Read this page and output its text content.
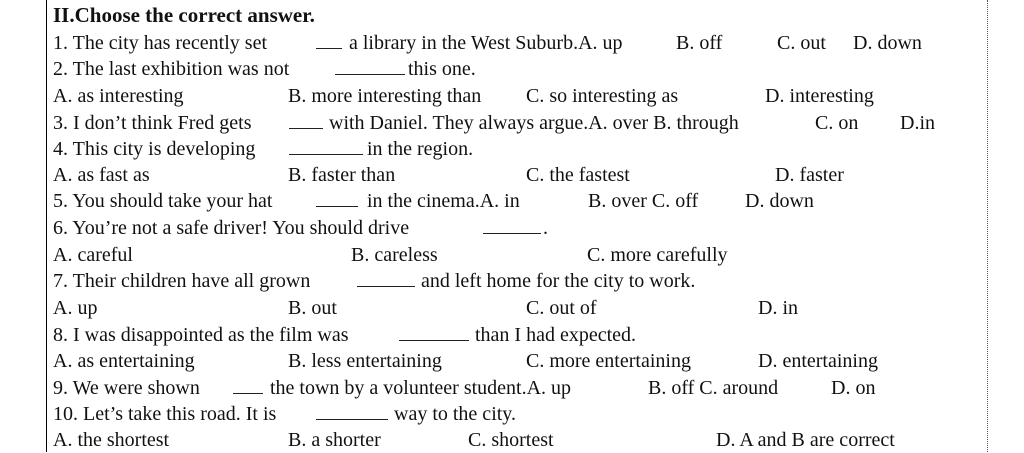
II.Choose the correct answer.
1. The city has recently set	a library in the West Suburb.A. up	B. off	C. out D. down
2. The last exhibition was not	this one.
A. as interesting	B. more interesting than C. so interesting as	D. interesting
3. I don’t think Fred gets	with Daniel. They always argue.A. over B. through	C. on D.in
4. This city is developing	in the region.
A. as fast as	B. faster than	C. the fastest	D. faster
5. You should take your hat	in the cinema.A. in	B. over C. off D. down
6. You’re not a safe driver! You should drive	.
A. careful	B. careless	C. more carefully
7. Their children have all grown	and left home for the city to work.
A. up	B. out	C. out of	D. in
8. I was disappointed as the film was	than I had expected.
A. as entertaining	B. less entertaining	C. more entertaining	D. entertaining
9. We were shown	the town by a volunteer student.A. up	B. off C. around	D. on
10. Let’s take this road. It is	way to the city.
A. the shortest	B. a shorter	C. shortest	D. A and B are correct
